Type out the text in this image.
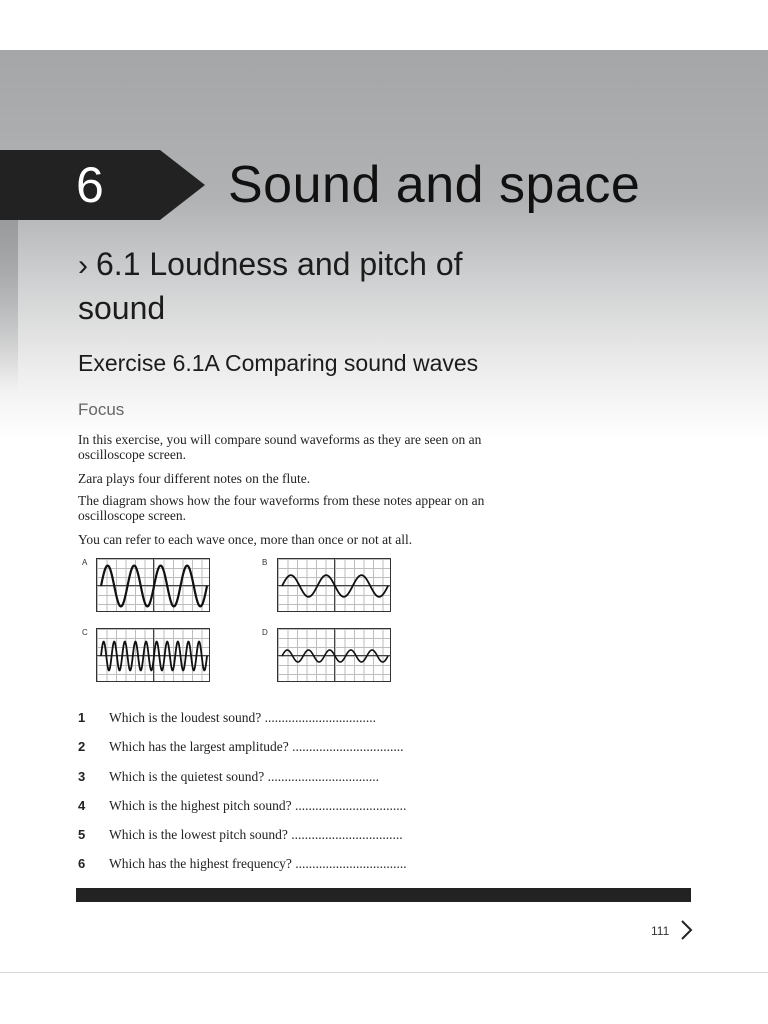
6 Sound and space
› 6.1 Loudness and pitch of sound
Exercise 6.1A Comparing sound waves
Focus

In this exercise, you will compare sound waveforms as they are seen on an oscilloscope screen.

Zara plays four different notes on the flute.

The diagram shows how the four waveforms from these notes appear on an oscilloscope screen.

You can refer to each wave once, more than once or not at all.

A	B
C	D
1 Which is the loudest sound? .................................
2 Which has the largest amplitude? .................................
3 Which is the quietest sound? .................................
4 Which is the highest pitch sound? .................................
5 Which is the lowest pitch sound? .................................
6 Which has the highest frequency? .................................
111
